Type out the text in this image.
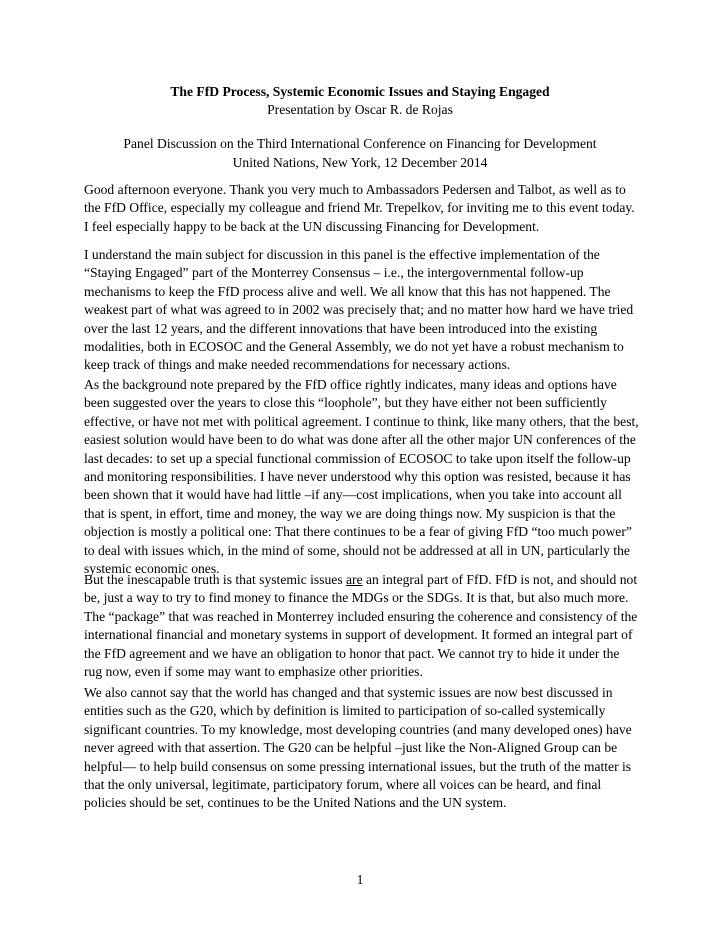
The FfD Process, Systemic Economic Issues and Staying Engaged
Presentation by Oscar R. de Rojas
Panel Discussion on the Third International Conference on Financing for Development
United Nations, New York, 12 December 2014
Good afternoon everyone. Thank you very much to Ambassadors Pedersen and Talbot, as well as to the FfD Office, especially my colleague and friend Mr. Trepelkov, for inviting me to this event today. I feel especially happy to be back at the UN discussing Financing for Development.
I understand the main subject for discussion in this panel is the effective implementation of the “Staying Engaged” part of the Monterrey Consensus – i.e., the intergovernmental follow-up mechanisms to keep the FfD process alive and well. We all know that this has not happened. The weakest part of what was agreed to in 2002 was precisely that; and no matter how hard we have tried over the last 12 years, and the different innovations that have been introduced into the existing modalities, both in ECOSOC and the General Assembly, we do not yet have a robust mechanism to keep track of things and make needed recommendations for necessary actions.
As the background note prepared by the FfD office rightly indicates, many ideas and options have been suggested over the years to close this “loophole”, but they have either not been sufficiently effective, or have not met with political agreement. I continue to think, like many others, that the best, easiest solution would have been to do what was done after all the other major UN conferences of the last decades: to set up a special functional commission of ECOSOC to take upon itself the follow-up and monitoring responsibilities. I have never understood why this option was resisted, because it has been shown that it would have had little –if any—cost implications, when you take into account all that is spent, in effort, time and money, the way we are doing things now. My suspicion is that the objection is mostly a political one: That there continues to be a fear of giving FfD “too much power” to deal with issues which, in the mind of some, should not be addressed at all in UN, particularly the systemic economic ones.
But the inescapable truth is that systemic issues are an integral part of FfD. FfD is not, and should not be, just a way to try to find money to finance the MDGs or the SDGs. It is that, but also much more. The “package” that was reached in Monterrey included ensuring the coherence and consistency of the international financial and monetary systems in support of development. It formed an integral part of the FfD agreement and we have an obligation to honor that pact. We cannot try to hide it under the rug now, even if some may want to emphasize other priorities.
We also cannot say that the world has changed and that systemic issues are now best discussed in entities such as the G20, which by definition is limited to participation of so-called systemically significant countries. To my knowledge, most developing countries (and many developed ones) have never agreed with that assertion. The G20 can be helpful –just like the Non-Aligned Group can be helpful— to help build consensus on some pressing international issues, but the truth of the matter is that the only universal, legitimate, participatory forum, where all voices can be heard, and final policies should be set, continues to be the United Nations and the UN system.
1
